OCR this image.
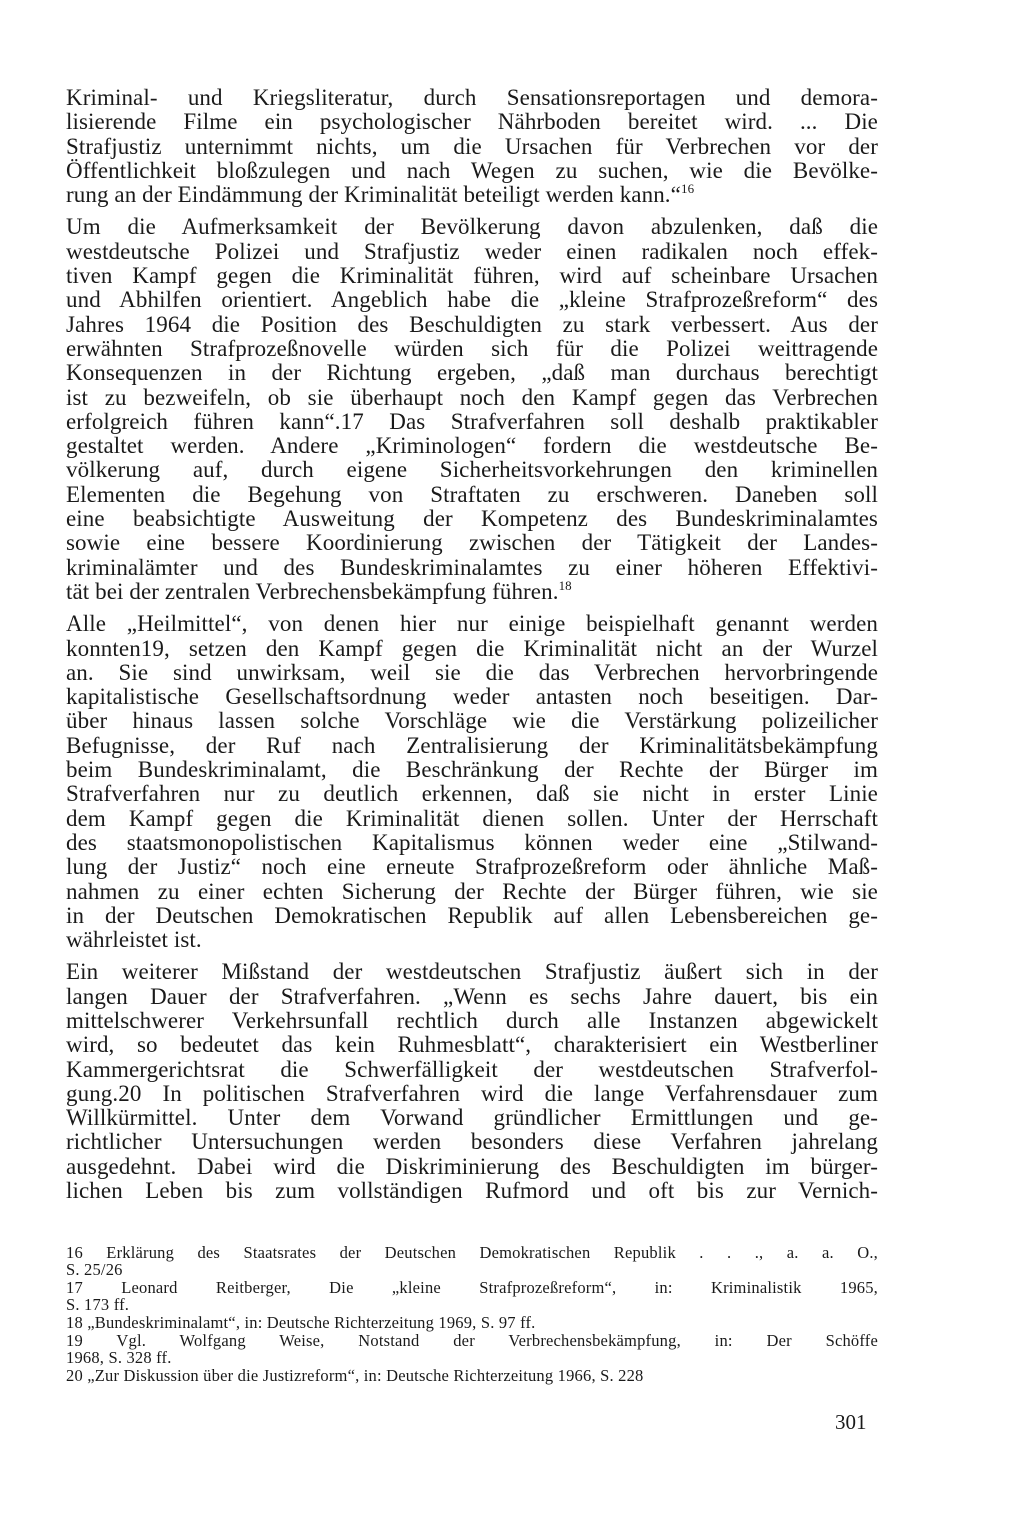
Kriminal- und Kriegsliteratur, durch Sensationsreportagen und demora-
lisierende Filme ein psychologischer Nährboden bereitet wird. ... Die
Strafjustiz unternimmt nichts, um die Ursachen für Verbrechen vor der
Öffentlichkeit bloßzulegen und nach Wegen zu suchen, wie die Bevölke-
rung an der Eindämmung der Kriminalität beteiligt werden kann.“$^{16}$

Um die Aufmerksamkeit der Bevölkerung davon abzulenken, daß die
westdeutsche Polizei und Strafjustiz weder einen radikalen noch effek-
tiven Kampf gegen die Kriminalität führen, wird auf scheinbare Ursachen
und Abhilfen orientiert. Angeblich habe die „kleine Strafprozeßreform“ des
Jahres 1964 die Position des Beschuldigten zu stark verbessert. Aus der
erwähnten Strafprozeßnovelle würden sich für die Polizei weittragende
Konsequenzen in der Richtung ergeben, „daß man durchaus berechtigt
ist zu bezweifeln, ob sie überhaupt noch den Kampf gegen das Verbrechen
erfolgreich führen kann“.17 Das Strafverfahren soll deshalb praktikabler
gestaltet werden. Andere „Kriminologen“ fordern die westdeutsche Be-
völkerung auf, durch eigene Sicherheitsvorkehrungen den kriminellen
Elementen die Begehung von Straftaten zu erschweren. Daneben soll
eine beabsichtigte Ausweitung der Kompetenz des Bundeskriminalamtes
sowie eine bessere Koordinierung zwischen der Tätigkeit der Landes-
kriminalämter und des Bundeskriminalamtes zu einer höheren Effektivi-
tät bei der zentralen Verbrechensbekämpfung führen.$^{18}$

Alle „Heilmittel“, von denen hier nur einige beispielhaft genannt werden
konnten19, setzen den Kampf gegen die Kriminalität nicht an der Wurzel
an. Sie sind unwirksam, weil sie die das Verbrechen hervorbringende
kapitalistische Gesellschaftsordnung weder antasten noch beseitigen. Dar-
über hinaus lassen solche Vorschläge wie die Verstärkung polizeilicher
Befugnisse, der Ruf nach Zentralisierung der Kriminalitätsbekämpfung
beim Bundeskriminalamt, die Beschränkung der Rechte der Bürger im
Strafverfahren nur zu deutlich erkennen, daß sie nicht in erster Linie
dem Kampf gegen die Kriminalität dienen sollen. Unter der Herrschaft
des staatsmonopolistischen Kapitalismus können weder eine „Stilwand-
lung der Justiz“ noch eine erneute Strafprozeßreform oder ähnliche Maß-
nahmen zu einer echten Sicherung der Rechte der Bürger führen, wie sie
in der Deutschen Demokratischen Republik auf allen Lebensbereichen ge-
währleistet ist.

Ein weiterer Mißstand der westdeutschen Strafjustiz äußert sich in der
langen Dauer der Strafverfahren. „Wenn es sechs Jahre dauert, bis ein
mittelschwerer Verkehrsunfall rechtlich durch alle Instanzen abgewickelt
wird, so bedeutet das kein Ruhmesblatt“, charakterisiert ein Westberliner
Kammergerichtsrat die Schwerfälligkeit der westdeutschen Strafverfol-
gung.20 In politischen Strafverfahren wird die lange Verfahrensdauer zum
Willkürmittel. Unter dem Vorwand gründlicher Ermittlungen und ge-
richtlicher Untersuchungen werden besonders diese Verfahren jahrelang
ausgedehnt. Dabei wird die Diskriminierung des Beschuldigten im bürger-
lichen Leben bis zum vollständigen Rufmord und oft bis zur Vernich-

16 Erklärung des Staatsrates der Deutschen Demokratischen Republik . . ., a. a. O.,
S. 25/26
17 Leonard Reitberger, Die „kleine Strafprozeßreform“, in: Kriminalistik 1965,
S. 173 ff.
18 „Bundeskriminalamt“, in: Deutsche Richterzeitung 1969, S. 97 ff.
19 Vgl. Wolfgang Weise, Notstand der Verbrechensbekämpfung, in: Der Schöffe
1968, S. 328 ff.
20 „Zur Diskussion über die Justizreform“, in: Deutsche Richterzeitung 1966, S. 228
301
